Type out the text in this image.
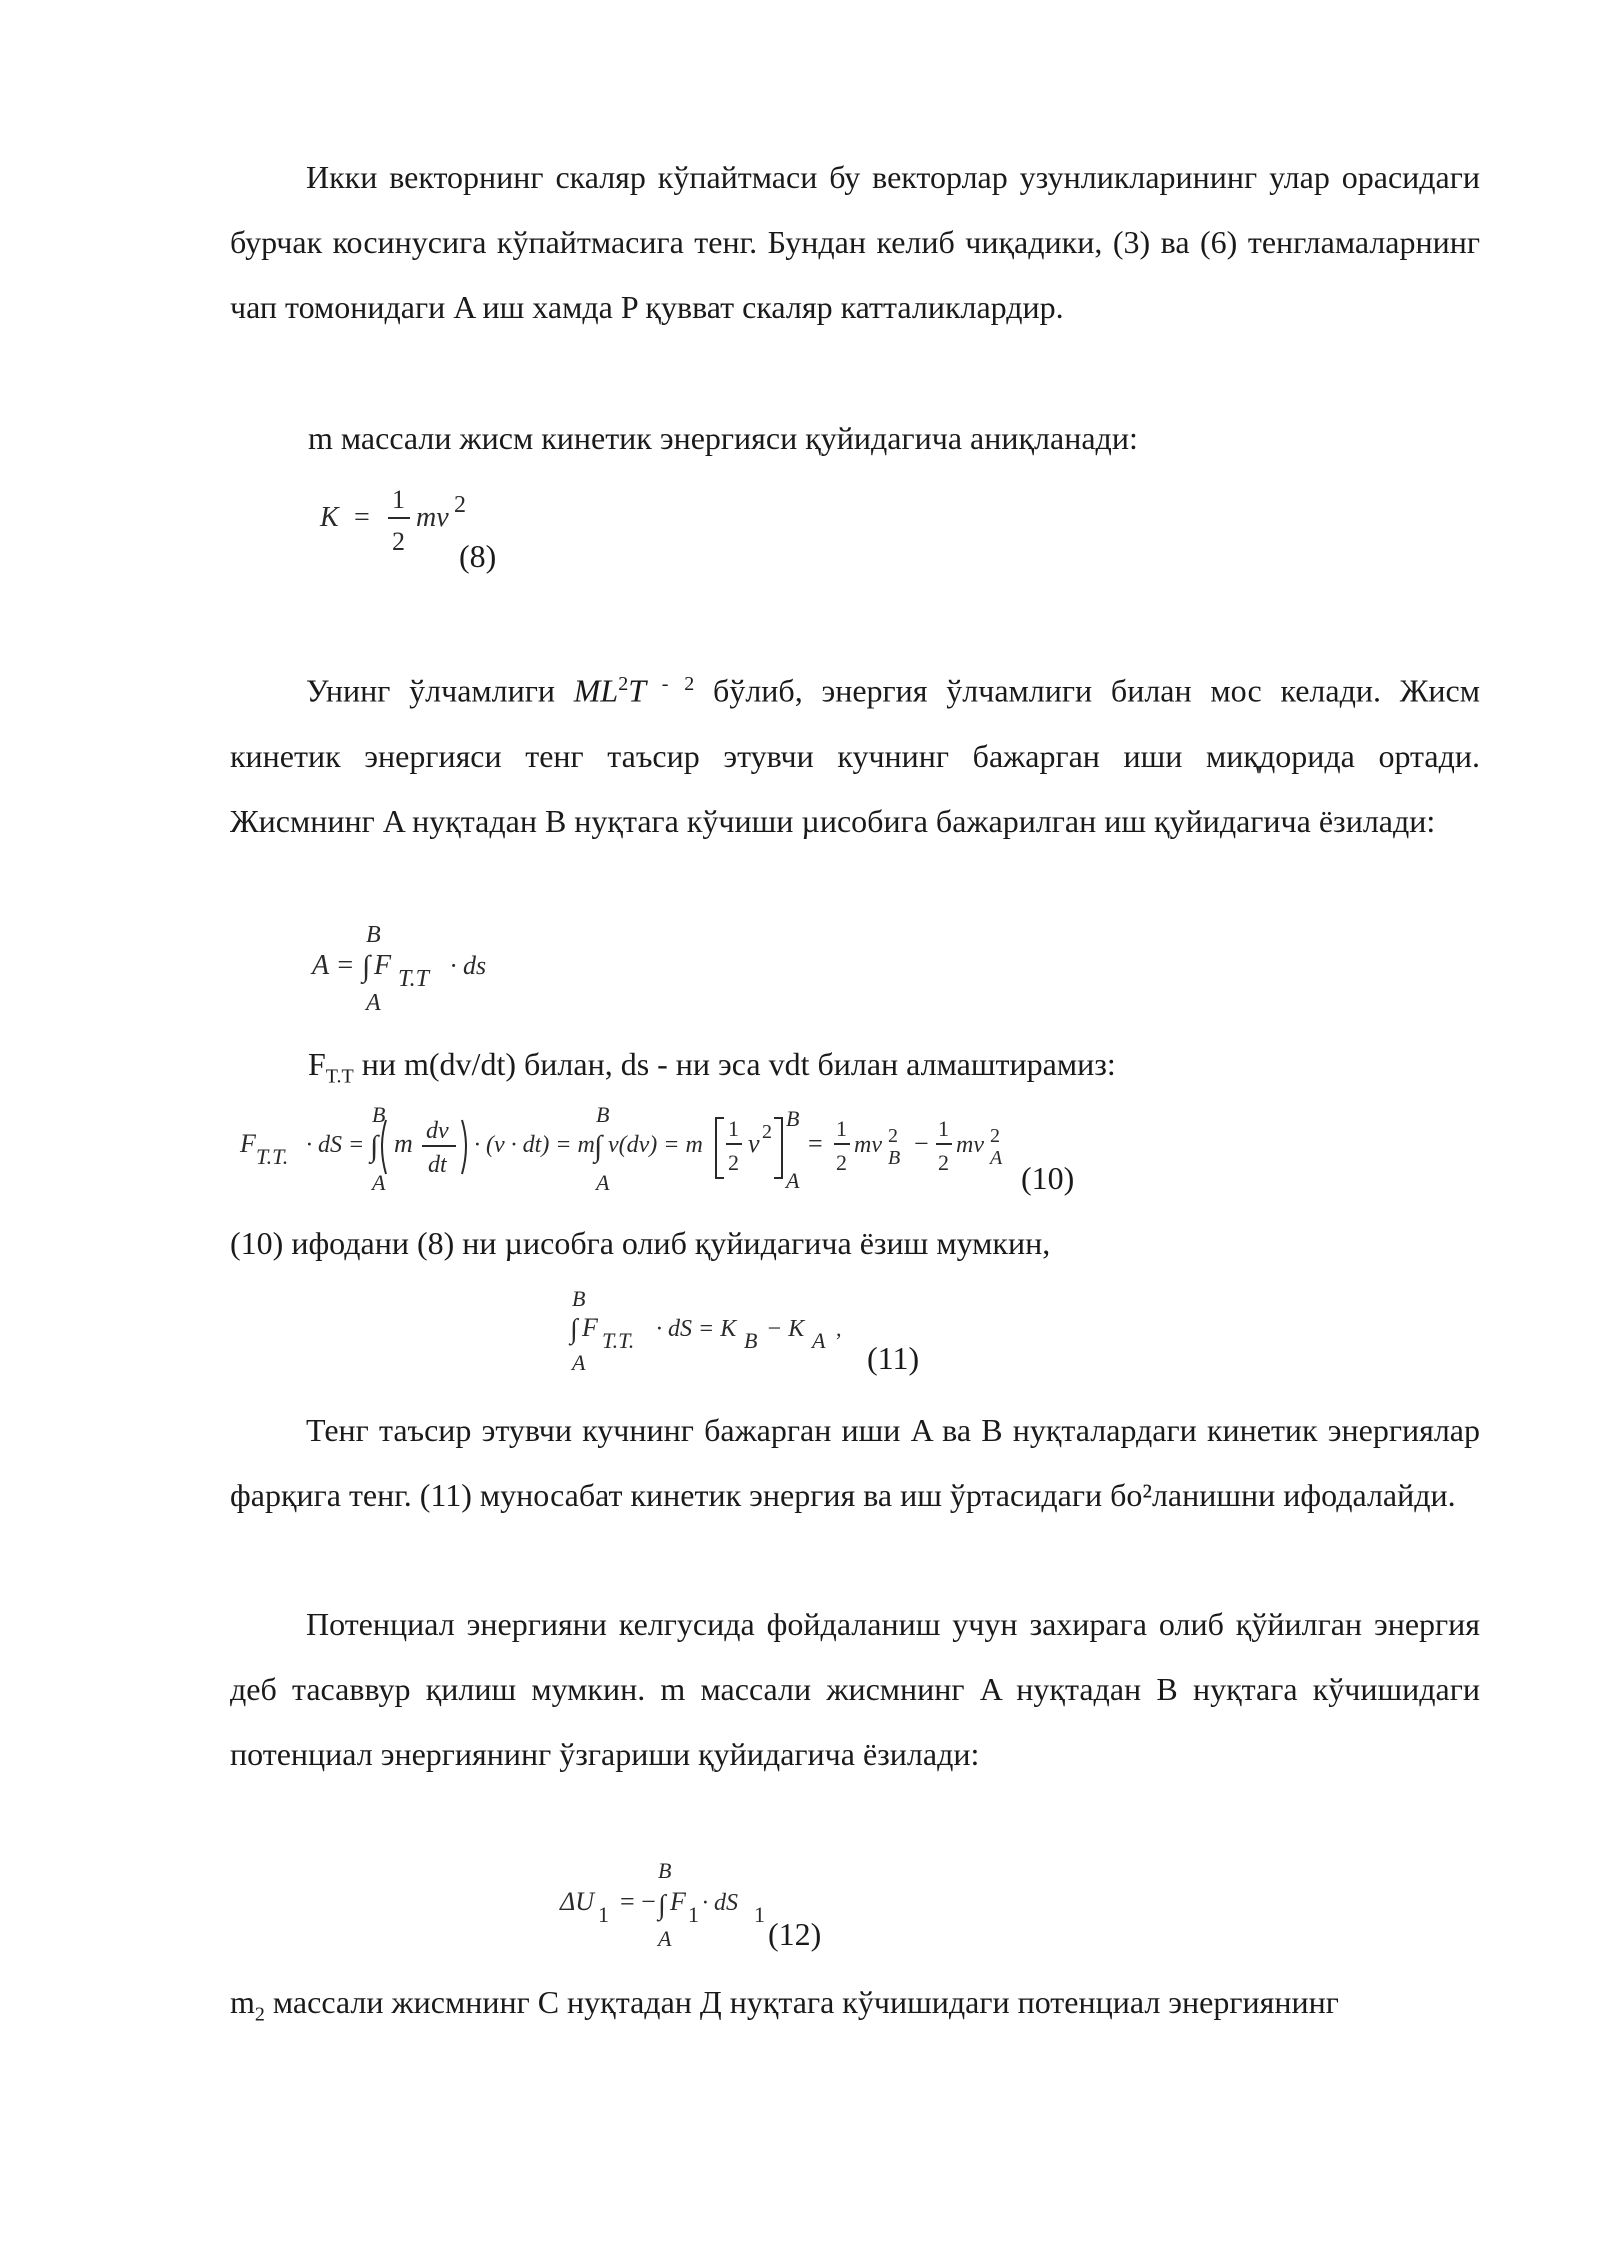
Икки векторнинг скаляр кўпайтмаси бу векторлар узунликларининг улар орасидаги бурчак косинусига кўпайтмасига тенг. Бундан келиб чиқадики, (3) ва (6) тенгламаларнинг чап томонидаги A иш хамда P қувват скаляр катталиклардир.

m массали жисм кинетик энергияси қуйидагича аниқланади:

K =
1
2
mv 2
(8)

Унинг ўлчамлиги $ML^2T$ $^{- 2}$ бўлиб, энергия ўлчамлиги билан мос келади. Жисм кинетик энергияси тенг таъсир этувчи кучнинг бажарган иши миқдорида ортади. Жисмнинг A нуқтадан B нуқтага кўчиши µисобига бажарилган иш қуйидагича ёзилади:

A =
B
∫ F T.T · ds
A

$F_{T.T}$ ни m(dv/dt) билан, ds - ни эса vdt билан алмаштирамиз:

F T.T. · dS =
B
∫
A
m dv
dt
· (v · dt) = m
B
∫
A
v(dv) = m
1
2
v 2
B
A
=
1
2
mv 2
B −
1
2
mv 2
A
(10)

(10) ифодани (8) ни µисобга олиб қуйидагича ёзиш мумкин,

B
∫ F T.T. · dS = K B − K A ,
A	(11)

Тенг таъсир этувчи кучнинг бажарган иши A ва B нуқталардаги кинетик энергиялар фарқига тенг. (11) муносабат кинетик энергия ва иш ўртасидаги бо²ланишни ифодалайди.

Потенциал энергияни келгусида фойдаланиш учун захирага олиб қўйилган энергия деб тасаввур қилиш мумкин. m массали жисмнинг A нуқтадан B нуқтага кўчишидаги потенциал энергиянинг ўзгариши қуйидагича ёзилади:

ΔU 1 = −
B
∫
A
F 1 · dS 1
(12)

$m_2$ массали жисмнинг C нуқтадан Д нуқтага кўчишидаги потенциал энергиянинг
